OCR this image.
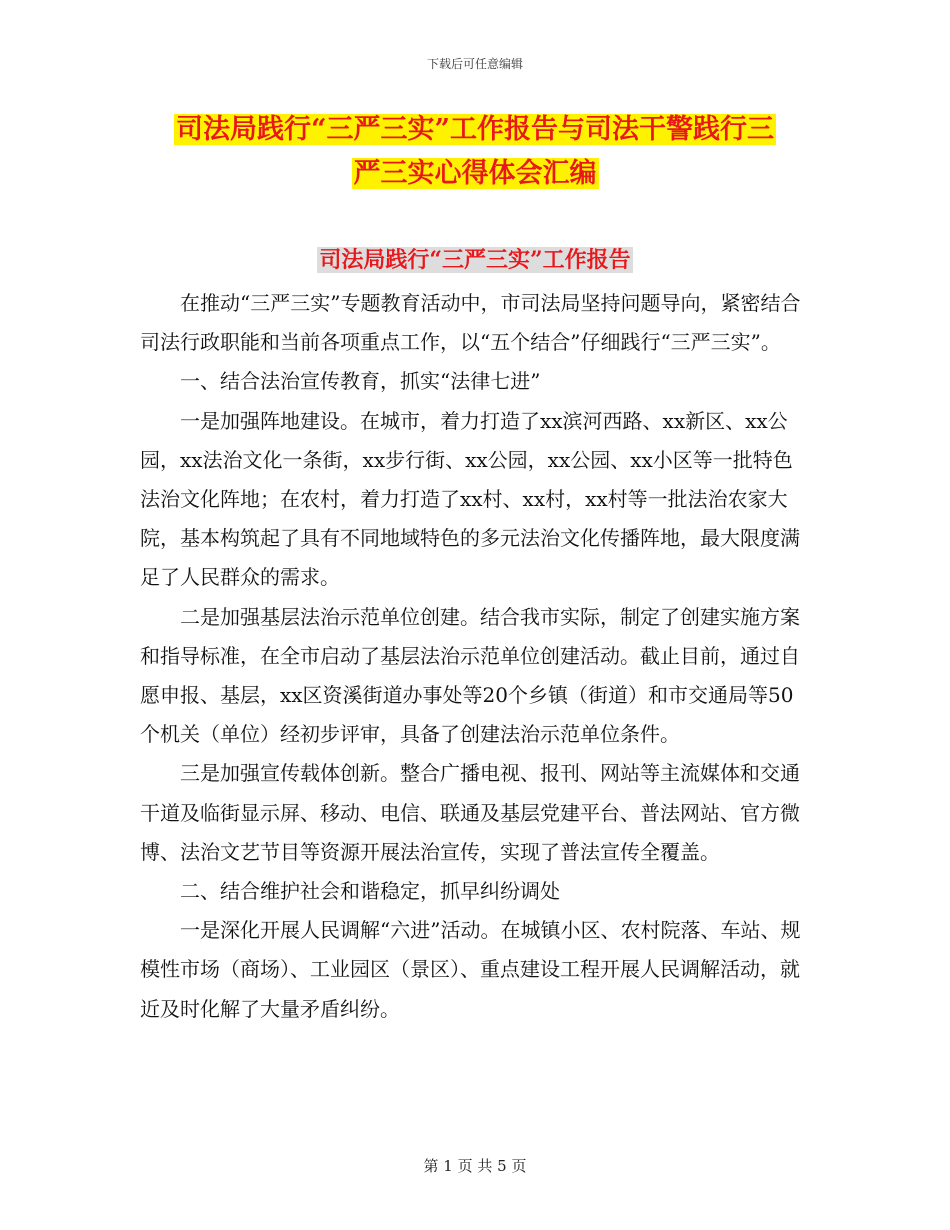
下载后可任意编辑
司法局践行“三严三实”工作报告与司法干警践行三
严三实心得体会汇编
司法局践行“三严三实”工作报告

在推动“三严三实”专题教育活动中，市司法局坚持问题导向，紧密结合司法行政职能和当前各项重点工作，以“五个结合”仔细践行“三严三实”。

一、结合法治宣传教育，抓实“法律七进”

一是加强阵地建设。在城市，着力打造了xx滨河西路、xx新区、xx公园，xx法治文化一条街，xx步行街、xx公园，xx公园、xx小区等一批特色法治文化阵地；在农村，着力打造了xx村、xx村，xx村等一批法治农家大院，基本构筑起了具有不同地域特色的多元法治文化传播阵地，最大限度满足了人民群众的需求。

二是加强基层法治示范单位创建。结合我市实际，制定了创建实施方案和指导标准，在全市启动了基层法治示范单位创建活动。截止目前，通过自愿申报、基层，xx区资溪街道办事处等20个乡镇（街道）和市交通局等50个机关（单位）经初步评审，具备了创建法治示范单位条件。

三是加强宣传载体创新。整合广播电视、报刊、网站等主流媒体和交通干道及临街显示屏、移动、电信、联通及基层党建平台、普法网站、官方微博、法治文艺节目等资源开展法治宣传，实现了普法宣传全覆盖。

二、结合维护社会和谐稳定，抓早纠纷调处

一是深化开展人民调解“六进”活动。在城镇小区、农村院落、车站、规模性市场（商场）、工业园区（景区）、重点建设工程开展人民调解活动，就近及时化解了大量矛盾纠纷。

第 1 页 共 5 页
